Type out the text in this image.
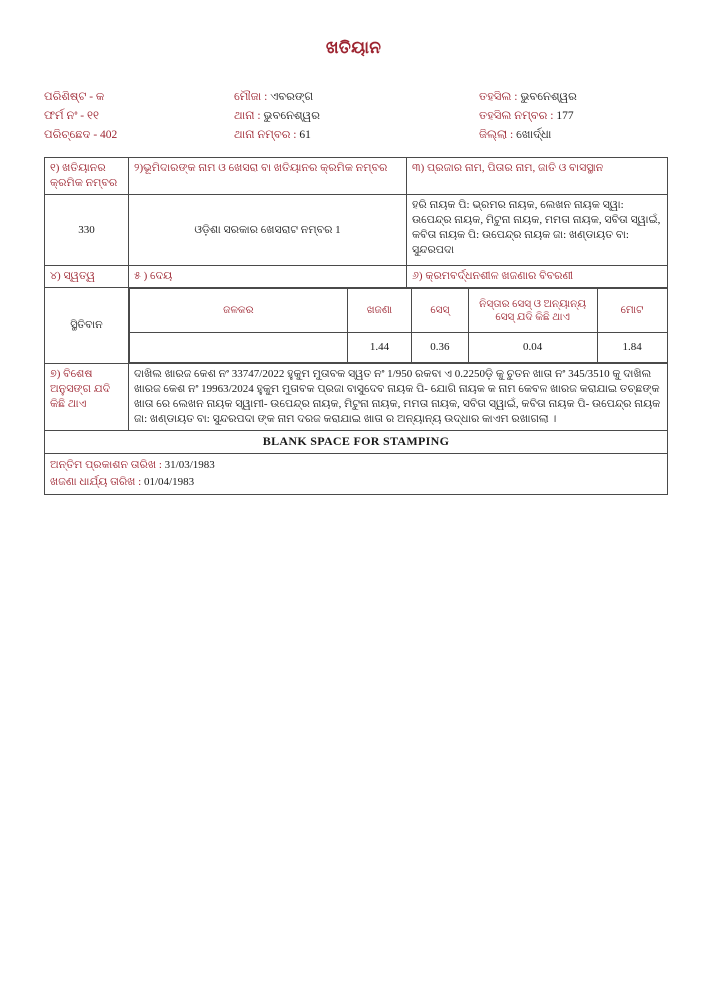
ଖତିୟାନ
ପରିଶିଷ୍ଟ - କ
ଫର୍ମ ନଂ - ୧୧
ପରିଚ୍ଛେଦ - 402
ମୌଜା : ଏବରଙ୍ଗ
ଥାନା : ଭୁବନେଶ୍ୱର
ଥାନା ନମ୍ବର : 61
ତହସିଲ : ଭୁବନେଶ୍ୱର
ତହସିଲ ନମ୍ବର : 177
ଜିଲ୍ଲା : ଖୋର୍ଦ୍ଧା
୧) ଖତିୟାନର କ୍ରମିକ ନମ୍ବର	୨)ଭୂମିଦାରଙ୍କ ନାମ ଓ ଖେସରା ବା ଖତିୟାନର କ୍ରମିକ ନମ୍ବର	୩) ପ୍ରଜାର ନାମ, ପିତାର ନାମ, ଜାତି ଓ ବାସସ୍ଥାନ
330	ଓଡ଼ିଶା ସରକାର ଖେସରାଟ ନମ୍ବର 1	ହରି ନାୟକ ପି: ଭ୍ରମର ନାୟକ, ଲେଖନ ନାୟକ ସ୍ୱା: ଉପେନ୍ଦ୍ର ନାୟକ, ମିଟୁନା ନାୟକ, ମମତା ନାୟକ, ସବିତା ସ୍ୱାଇଁ, କବିତା ନାୟକ ପି: ଉପେନ୍ଦ୍ର ନାୟକ ଜା: ଖଣ୍ଡାୟତ ବା: ସୁନ୍ଦରପଦା
୪) ସ୍ୱତ୍ୱ	୫ ) ଦେୟ	୬) କ୍ରମବର୍ଦ୍ଧନଶୀଳ ଖଜଣାର ବିବରଣୀ
ସ୍ଥିତିବାନ	
ଜଳକର	ଖଜଣା	ସେସ୍	ନିସ୍ତାର ସେସ୍ ଓ ଅନ୍ୟାନ୍ୟ ସେସ୍ ଯଦି କିଛି ଥାଏ	ମୋଟ
	1.44	0.36	0.04	1.84

୭) ବିଶେଷ ଅନୁସଙ୍ଗ ଯଦି କିଛି ଥାଏ	ଦାଖିଲ ଖାରଜ କେଶ ନଂ 33747/2022 ହୁକୁମ ମୁତାବକ ସ୍ୱତ ନଂ 1/950 ରକବା ଏ 0.2250ଡ଼ି କୁ ଚୁତନ ଖାତା ନଂ 345/3510 କୁ ଦାଖିଲ ଖାରଜ କେଶ ନଂ 19963/2024 ହୁକୁମ ମୁତାବକ ପ୍ରଜା ବାସୁଦେବ ନାୟକ ପି- ଯୋଗି ନାୟକ କ ନାମ କେବଳ ଖାରଜ କରାଯାଇ ତଚ୍ଛଙ୍କ ଖାତା ରେ ଲେଖନ ନାୟକ ସ୍ୱାମୀ- ଉପେନ୍ଦ୍ର ନାୟକ, ମିଟୁନା ନାୟକ, ମମତା ନାୟକ, ସବିତା ସ୍ୱାଇଁ, କବିତା ନାୟକ ପି- ଉପେନ୍ଦ୍ର ନାୟକ ଜା: ଖଣ୍ଡାୟତ ବା: ସୁନ୍ଦରପଦା ଙ୍କ ନାମ ଦରଜ କରାଯାଇ ଖାତା ର ଅନ୍ୟାନ୍ୟ ଉଦ୍ଧାର କାଏମ ରଖାଗଲା ।
BLANK SPACE FOR STAMPING

ଅନ୍ତିମ ପ୍ରକାଶନ ତାରିଖ : 31/03/1983
ଖଜଣା ଧାର୍ଯ୍ୟ ତାରିଖ : 01/04/1983
INDIA
